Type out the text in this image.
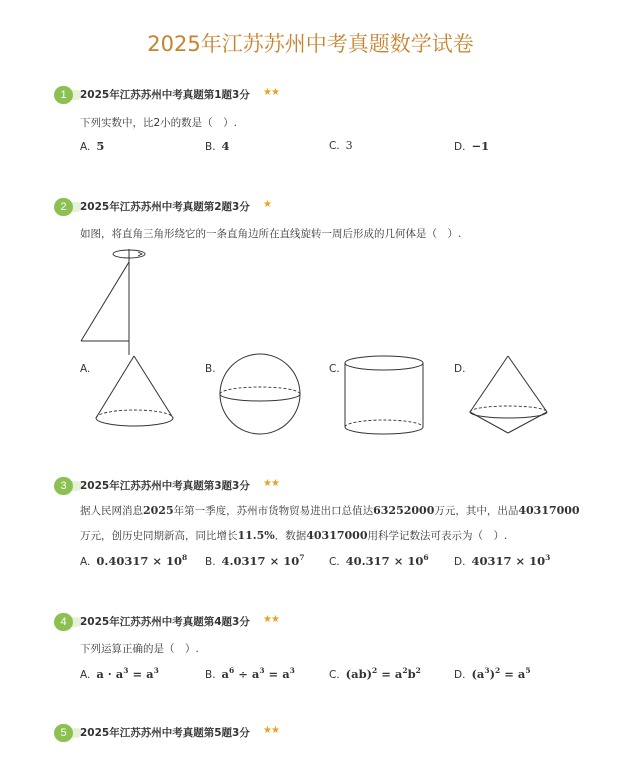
2025年江苏苏州中考真题数学试卷
1	2025年江苏苏州中考真题第1题3分 ★★
下列实数中，比2小的数是（　）.
A. 5	B. 4	C. 3	D. −1
2	2025年江苏苏州中考真题第2题3分 ★
如图，将直角三角形绕它的一条直角边所在直线旋转一周后形成的几何体是（　）.
A.	B.	C.	D.
3	2025年江苏苏州中考真题第3题3分 ★★
据人民网消息2025年第一季度，苏州市货物贸易进出口总值达63252000万元，其中，出品40317000
万元，创历史同期新高，同比增长11.5%．数据40317000用科学记数法可表示为（　）.
A. $0.40317 \times 10^8$ B. $4.0317 \times 10^7$ C. $40.317 \times 10^6$ D. $40317 \times 10^3$
4	2025年江苏苏州中考真题第4题3分 ★★
下列运算正确的是（　）.
A. $a \cdot a^3 = a^3$	B. $a^6 \div a^3 = a^3$	C. $(ab)^2 = a^2b^2$	D. $(a^3)^2 = a^5$
5	2025年江苏苏州中考真题第5题3分 ★★
